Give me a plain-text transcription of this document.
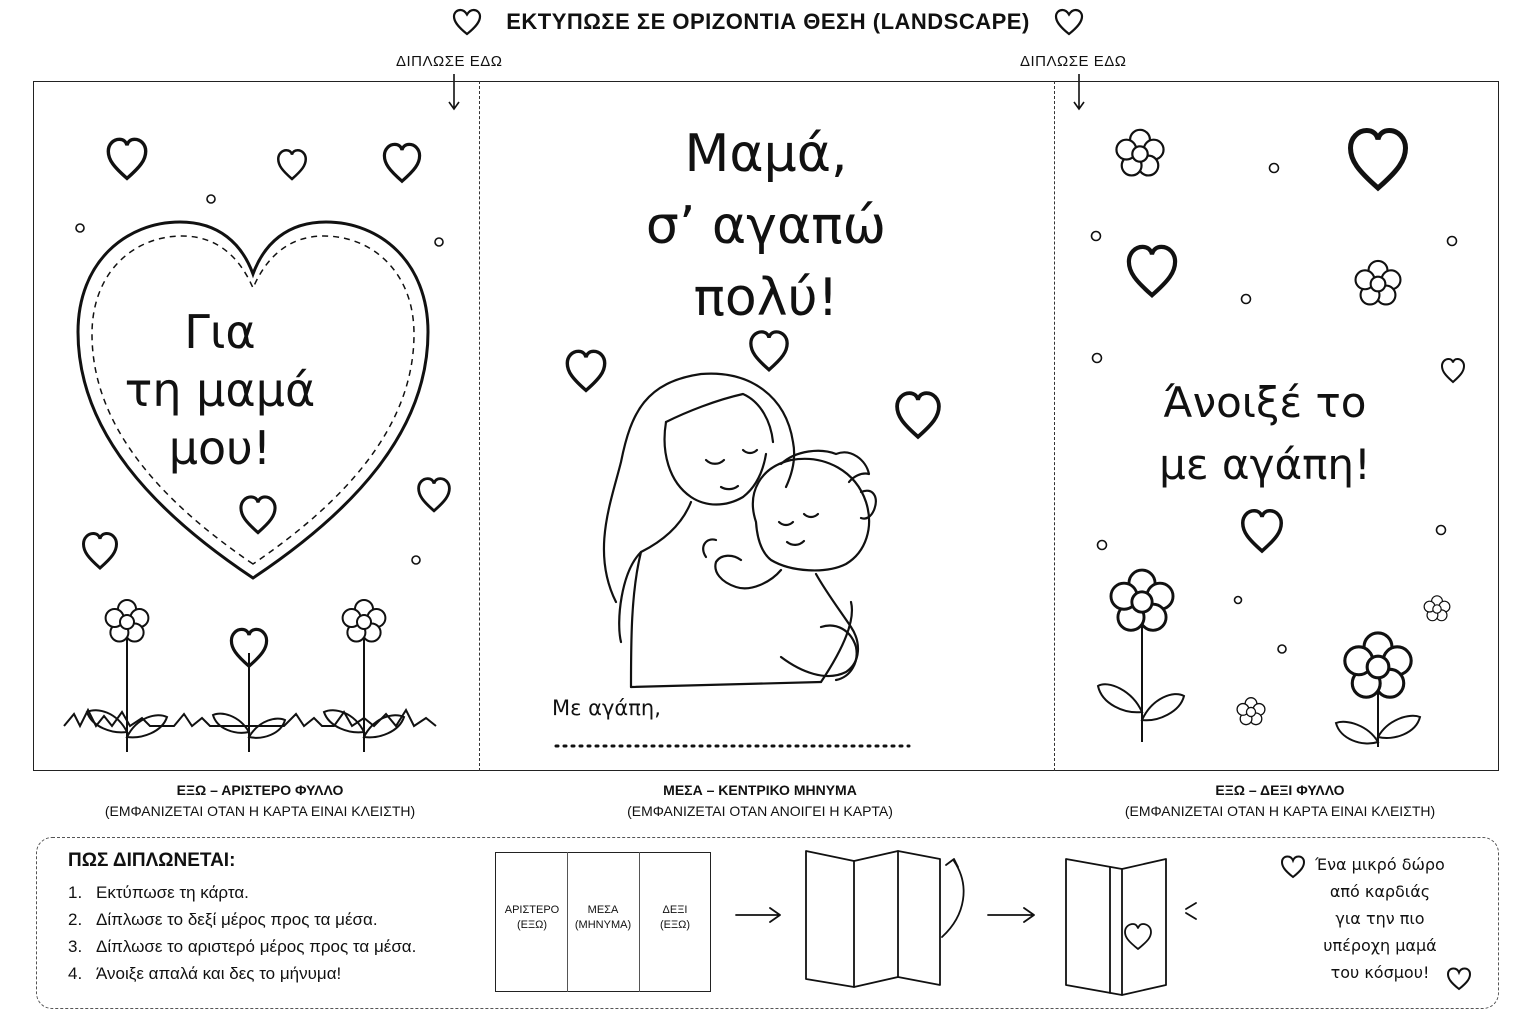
ΕΚΤΥΠΩΣΕ ΣΕ ΟΡΙΖΟΝΤΙΑ ΘΕΣΗ (LANDSCAPE)
ΔΙΠΛΩΣΕ ΕΔΩ	ΔΙΠΛΩΣΕ ΕΔΩ
Για
τη μαμά
μου!
Μαμά,
σ’ αγαπώ
πολύ!
Με αγάπη,
Άνοιξέ το
με αγάπη!
ΕΞΩ – ΑΡΙΣΤΕΡΟ ΦΥΛΛΟ
(ΕΜΦΑΝΙΖΕΤΑΙ ΟΤΑΝ Η ΚΑΡΤΑ ΕΙΝΑΙ ΚΛΕΙΣΤΗ)
ΜΕΣΑ – ΚΕΝΤΡΙΚΟ ΜΗΝΥΜΑ
(ΕΜΦΑΝΙΖΕΤΑΙ ΟΤΑΝ ΑΝΟΙΓΕΙ Η ΚΑΡΤΑ)
ΕΞΩ – ΔΕΞΙ ΦΥΛΛΟ
(ΕΜΦΑΝΙΖΕΤΑΙ ΟΤΑΝ Η ΚΑΡΤΑ ΕΙΝΑΙ ΚΛΕΙΣΤΗ)
ΠΩΣ ΔΙΠΛΩΝΕΤΑΙ:
1. Εκτύπωσε τη κάρτα.
2. Δίπλωσε το δεξί μέρος προς τα μέσα.
3. Δίπλωσε το αριστερό μέρος προς τα μέσα.
4. Άνοιξε απαλά και δες το μήνυμα!
ΑΡΙΣΤΕΡΟ
(ΕΞΩ)
ΜΕΣΑ
(ΜΗΝΥΜΑ)
ΔΕΞΙ
(ΕΞΩ)
Ένα μικρό δώρο
από καρδιάς
για την πιο
υπέροχη μαμά
του κόσμου!
